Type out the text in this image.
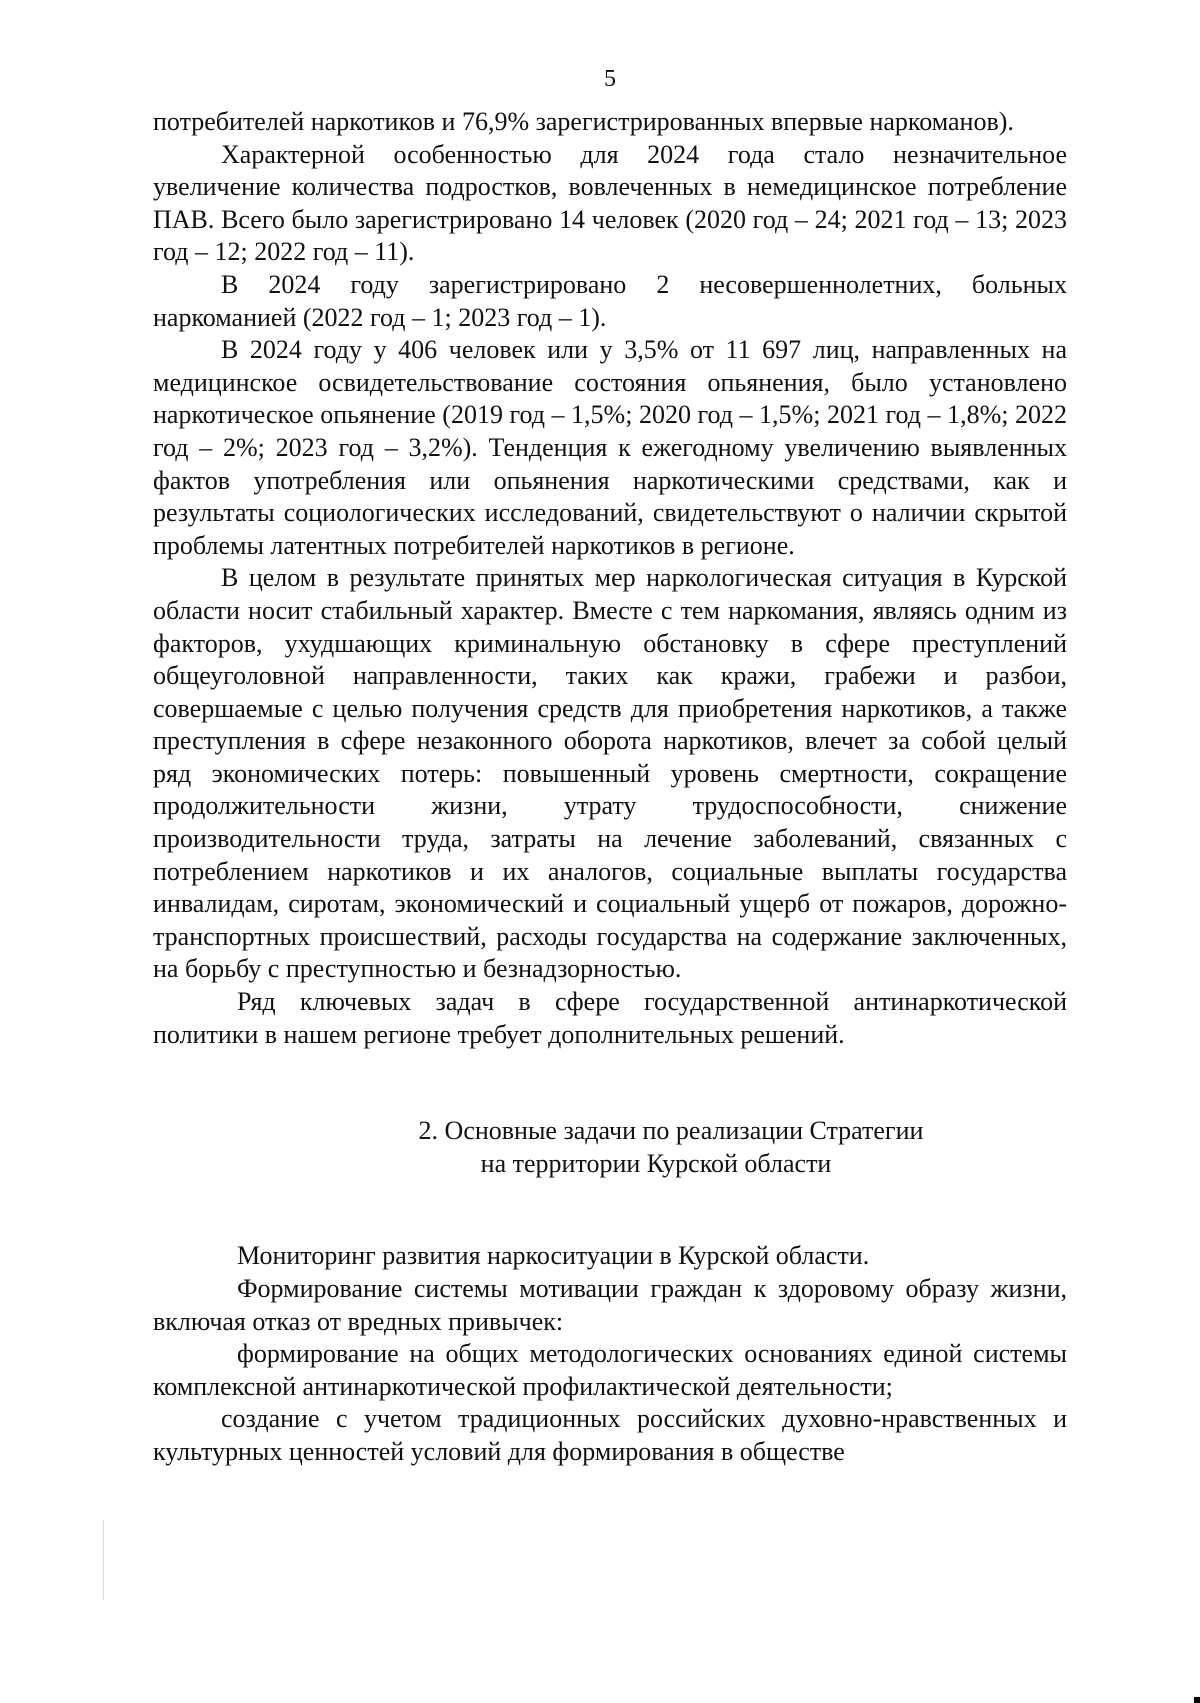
5

потребителей наркотиков и 76,9% зарегистрированных впервые наркоманов).

Характерной особенностью для 2024 года стало незначительное увеличение количества подростков, вовлеченных в немедицинское потребление ПАВ. Всего было зарегистрировано 14 человек (2020 год – 24; 2021 год – 13; 2023 год – 12; 2022 год – 11).

В 2024 году зарегистрировано 2 несовершеннолетних, больных наркоманией (2022 год – 1; 2023 год – 1).

В 2024 году у 406 человек или у 3,5% от 11 697 лиц, направленных на медицинское освидетельствование состояния опьянения, было установлено наркотическое опьянение (2019 год – 1,5%; 2020 год – 1,5%; 2021 год – 1,8%; 2022 год – 2%; 2023 год – 3,2%). Тенденция к ежегодному увеличению выявленных фактов употребления или опьянения наркотическими средствами, как и результаты социологических исследований, свидетельствуют о наличии скрытой проблемы латентных потребителей наркотиков в регионе.

В целом в результате принятых мер наркологическая ситуация в Курской области носит стабильный характер. Вместе с тем наркомания, являясь одним из факторов, ухудшающих криминальную обстановку в сфере преступлений общеуголовной направленности, таких как кражи, грабежи и разбои, совершаемые с целью получения средств для приобретения наркотиков, а также преступления в сфере незаконного оборота наркотиков, влечет за собой целый ряд экономических потерь: повышенный уровень смертности, сокращение продолжительности жизни, утрату трудоспособности, снижение производительности труда, затраты на лечение заболеваний, связанных с потреблением наркотиков и их аналогов, социальные выплаты государства инвалидам, сиротам, экономический и социальный ущерб от пожаров, дорожно-транспортных происшествий, расходы государства на содержание заключенных, на борьбу с преступностью и безнадзорностью.

Ряд ключевых задач в сфере государственной антинаркотической политики в нашем регионе требует дополнительных решений.

2. Основные задачи по реализации Стратегии
на территории Курской области

Мониторинг развития наркоситуации в Курской области.

Формирование системы мотивации граждан к здоровому образу жизни, включая отказ от вредных привычек:

формирование на общих методологических основаниях единой системы комплексной антинаркотической профилактической деятельности;

создание с учетом традиционных российских духовно-нравственных и культурных ценностей условий для формирования в обществе
